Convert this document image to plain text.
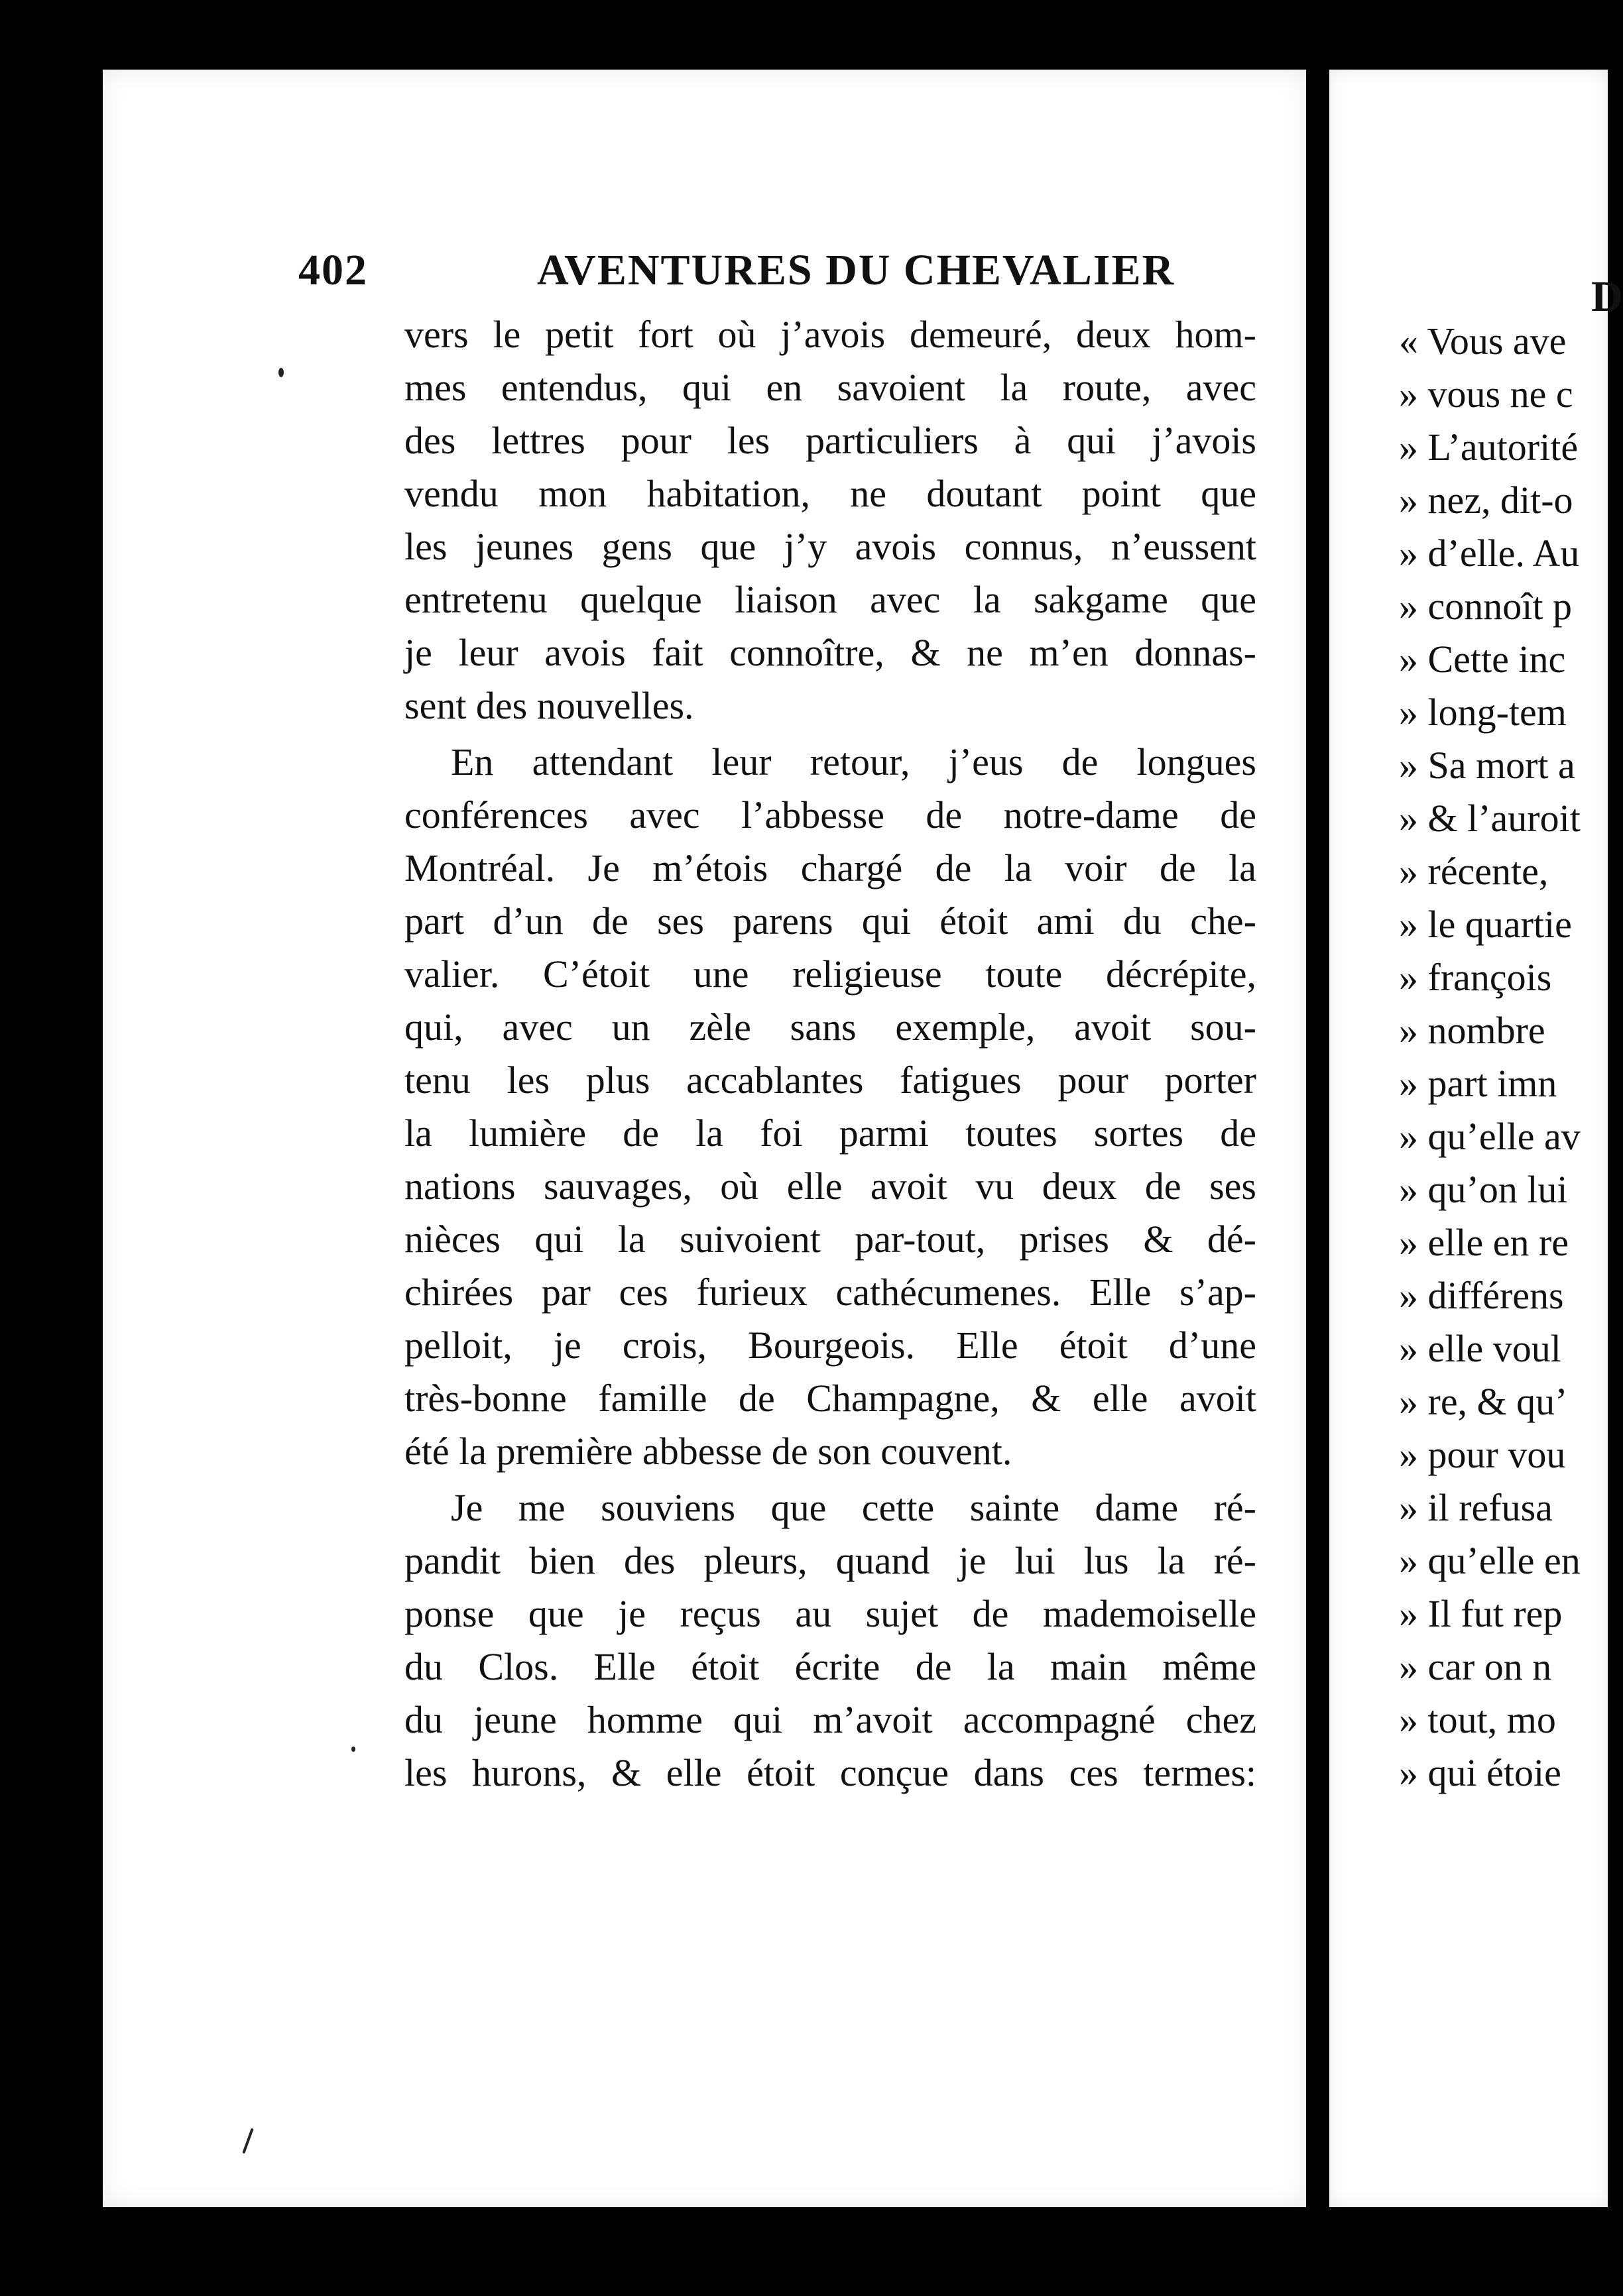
402	AVENTURES DU CHEVALIER
vers le petit fort où j’avois demeuré, deux hom-
mes entendus, qui en savoient la route, avec
des lettres pour les particuliers à qui j’avois
vendu mon habitation, ne doutant point que
les jeunes gens que j’y avois connus, n’eussent
entretenu quelque liaison avec la sakgame que
je leur avois fait connoître, & ne m’en donnas-
sent des nouvelles.
En attendant leur retour, j’eus de longues
conférences avec l’abbesse de notre-dame de
Montréal. Je m’étois chargé de la voir de la
part d’un de ses parens qui étoit ami du che-
valier. C’étoit une religieuse toute décrépite,
qui, avec un zèle sans exemple, avoit sou-
tenu les plus accablantes fatigues pour porter
la lumière de la foi parmi toutes sortes de
nations sauvages, où elle avoit vu deux de ses
nièces qui la suivoient par-tout, prises & dé-
chirées par ces furieux cathécumenes. Elle s’ap-
pelloit, je crois, Bourgeois. Elle étoit d’une
très-bonne famille de Champagne, & elle avoit
été la première abbesse de son couvent.
Je me souviens que cette sainte dame ré-
pandit bien des pleurs, quand je lui lus la ré-
ponse que je reçus au sujet de mademoiselle
du Clos. Elle étoit écrite de la main même
du jeune homme qui m’avoit accompagné chez
les hurons, & elle étoit conçue dans ces termes:
D
« Vous ave
» vous ne c
» L’autorité
» nez, dit-o
» d’elle. Au
» connoît p
» Cette inc
» long-tem
» Sa mort a
» & l’auroit
» récente,
» le quartie
» françois
» nombre
» part imn
» qu’elle av
» qu’on lui
» elle en re
» différens
» elle voul
» re, & qu’
» pour vou
» il refusa
» qu’elle en
» Il fut rep
» car on n
» tout, mo
» qui étoie
